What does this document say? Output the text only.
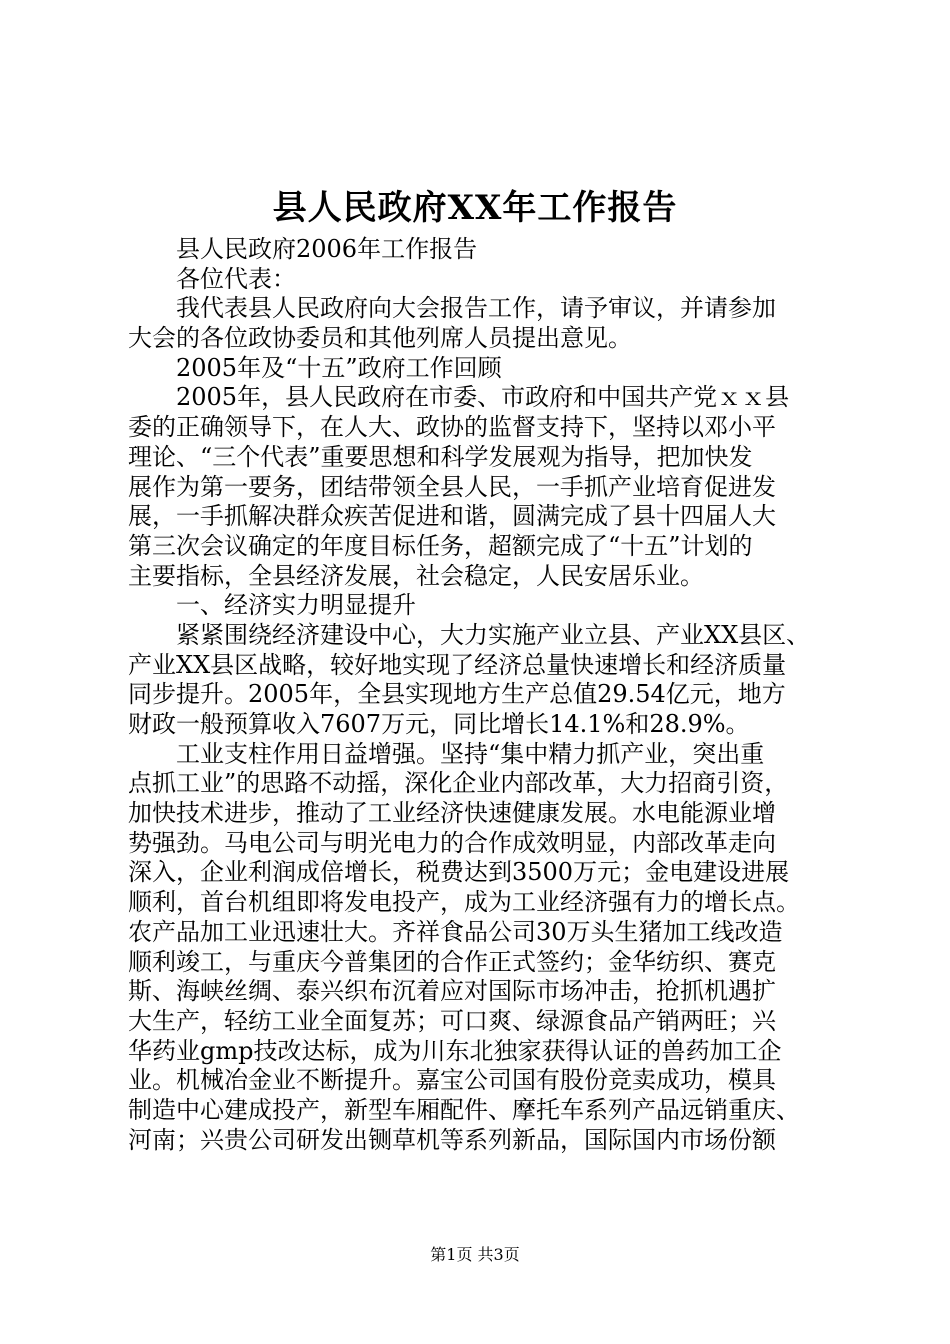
县人民政府XX年工作报告
县人民政府2006年工作报告
各位代表：
我代表县人民政府向大会报告工作，请予审议，并请参加
大会的各位政协委员和其他列席人员提出意见。
2005年及“十五”政府工作回顾
2005年，县人民政府在市委、市政府和中国共产党ｘｘ县
委的正确领导下，在人大、政协的监督支持下，坚持以邓小平
理论、“三个代表”重要思想和科学发展观为指导，把加快发
展作为第一要务，团结带领全县人民，一手抓产业培育促进发
展，一手抓解决群众疾苦促进和谐，圆满完成了县十四届人大
第三次会议确定的年度目标任务，超额完成了“十五”计划的
主要指标，全县经济发展，社会稳定，人民安居乐业。
一、经济实力明显提升
紧紧围绕经济建设中心，大力实施产业立县、产业XX县区、
产业XX县区战略，较好地实现了经济总量快速增长和经济质量
同步提升。2005年，全县实现地方生产总值29.54亿元，地方
财政一般预算收入7607万元，同比增长14.1%和28.9%。
工业支柱作用日益增强。坚持“集中精力抓产业，突出重
点抓工业”的思路不动摇，深化企业内部改革，大力招商引资，
加快技术进步，推动了工业经济快速健康发展。水电能源业增
势强劲。马电公司与明光电力的合作成效明显，内部改革走向
深入，企业利润成倍增长，税费达到3500万元；金电建设进展
顺利，首台机组即将发电投产，成为工业经济强有力的增长点。
农产品加工业迅速壮大。齐祥食品公司30万头生猪加工线改造
顺利竣工，与重庆今普集团的合作正式签约；金华纺织、赛克
斯、海峡丝绸、泰兴织布沉着应对国际市场冲击，抢抓机遇扩
大生产，轻纺工业全面复苏；可口爽、绿源食品产销两旺；兴
华药业gmp技改达标，成为川东北独家获得认证的兽药加工企
业。机械冶金业不断提升。嘉宝公司国有股份竞卖成功，模具
制造中心建成投产，新型车厢配件、摩托车系列产品远销重庆、
河南；兴贵公司研发出铡草机等系列新品，国际国内市场份额
第1页 共3页
